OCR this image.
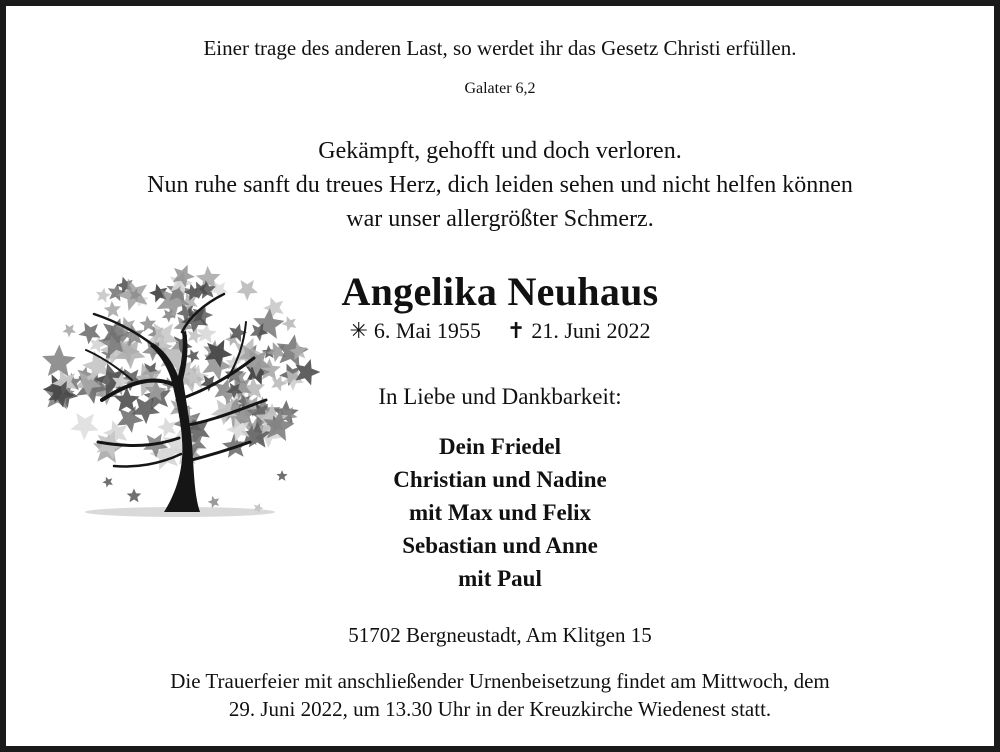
Einer trage des anderen Last, so werdet ihr das Gesetz Christi erfüllen.
Galater 6,2
Gekämpft, gehofft und doch verloren.
Nun ruhe sanft du treues Herz, dich leiden sehen und nicht helfen können
war unser allergrößter Schmerz.
Angelika Neuhaus
✳ 6. Mai 1955 ✝ 21. Juni 2022
In Liebe und Dankbarkeit:
Dein Friedel
Christian und Nadine
mit Max und Felix
Sebastian und Anne
mit Paul
51702 Bergneustadt, Am Klitgen 15
Die Trauerfeier mit anschließender Urnenbeisetzung findet am Mittwoch, dem
29. Juni 2022, um 13.30 Uhr in der Kreuzkirche Wiedenest statt.
